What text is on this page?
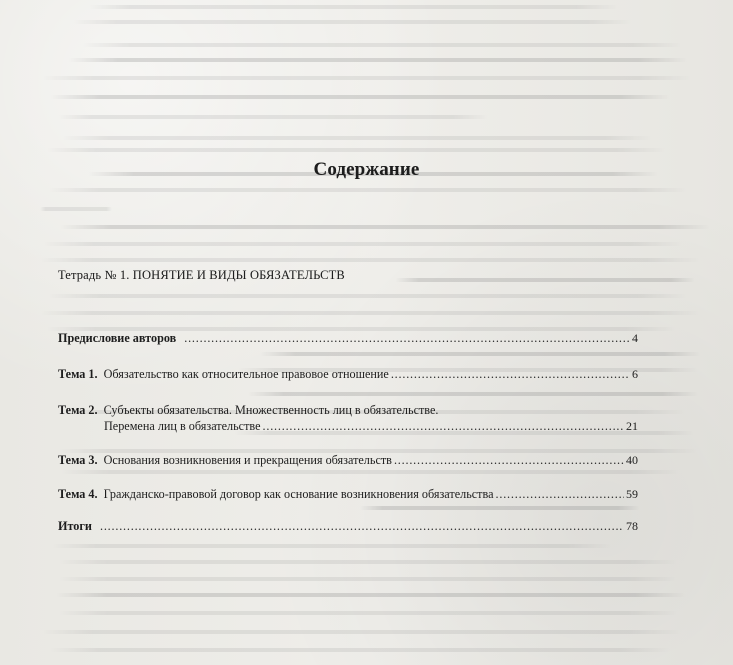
Содержание
Тетрадь № 1. ПОНЯТИЕ И ВИДЫ ОБЯЗАТЕЛЬСТВ
Предисловие авторов .....	4
Тема 1. Обязательство как относительное правовое отношение .....	6
Тема 2. Субъекты обязательства. Множественность лиц в обязательстве.
Перемена лиц в обязательстве .....	21
Тема 3. Основания возникновения и прекращения обязательств .....	40
Тема 4. Гражданско-правовой договор как основание возникновения обязательства .....	59
Итоги .....	78
